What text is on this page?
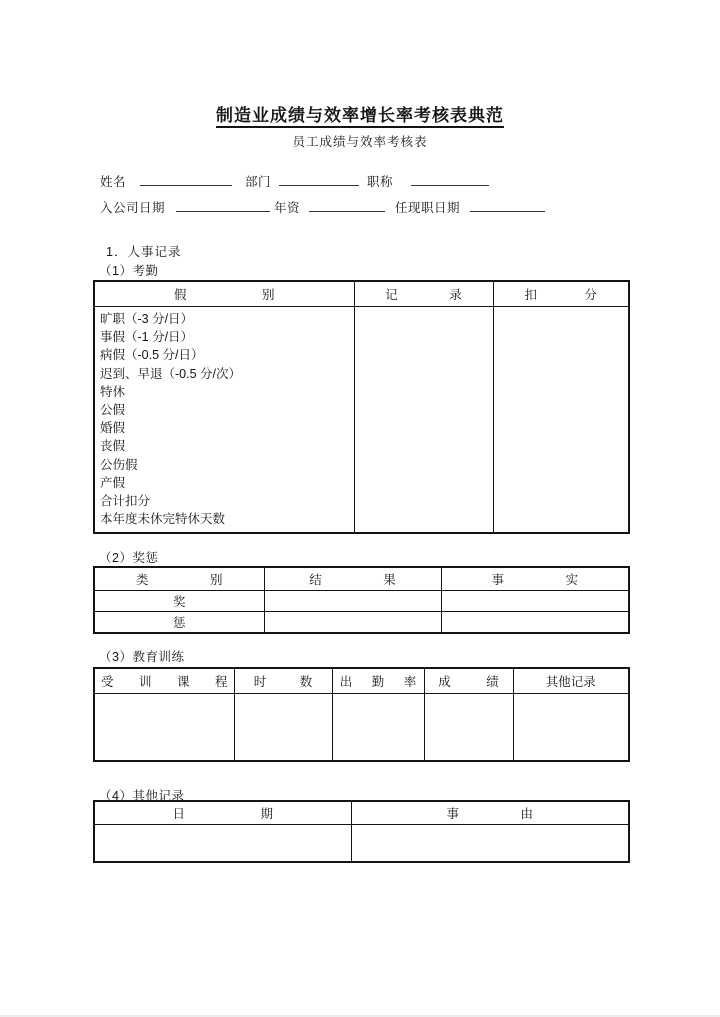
制造业成绩与效率增长率考核表典范
员工成绩与效率考核表
姓名	部门	职称
入公司日期	年资	任现职日期
1．人事记录
（1）考勤
假 别	记 录	扣 分

旷职（-3 分/日）
事假（-1 分/日）
病假（-0.5 分/日）
迟到、早退（-0.5 分/次）
特休
公假
婚假
丧假
公伤假
产假
合计扣分
本年度未休完特休天数

（2）奖惩
类 别	结 果	事 实
奖		
惩		
（3）教育训练
受 训 课 程	时 数	出 勤 率	成 绩	其他记录

（4）其他记录
日 期	事 由
